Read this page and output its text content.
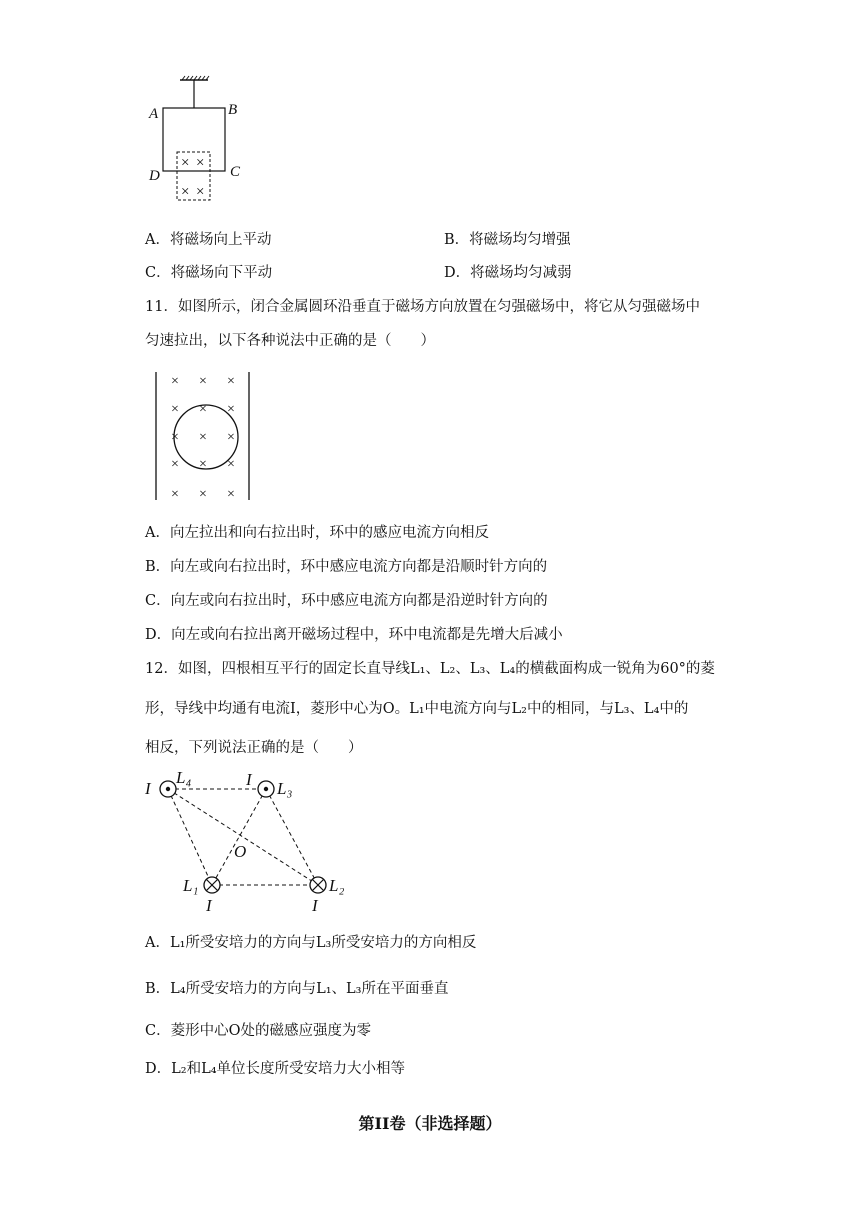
× ×
× ×
A	B
C
D
A．将磁场向上平动	B．将磁场均匀增强
C．将磁场向下平动	D．将磁场均匀减弱
11．如图所示，闭合金属圆环沿垂直于磁场方向放置在匀强磁场中，将它从匀强磁场中
匀速拉出，以下各种说法中正确的是（　　）
× × ×
× × ×
× × ×
× × ×
× × ×
A．向左拉出和向右拉出时，环中的感应电流方向相反
B．向左或向右拉出时，环中感应电流方向都是沿顺时针方向的
C．向左或向右拉出时，环中感应电流方向都是沿逆时针方向的
D．向左或向右拉出离开磁场过程中，环中电流都是先增大后减小
12．如图，四根相互平行的固定长直导线L₁、L₂、L₃、L₄的横截面构成一锐角为60°的菱
形，导线中均通有电流I，菱形中心为O。L₁中电流方向与L₂中的相同，与L₃、L₄中的
相反，下列说法正确的是（　　）
I
L₄	I L₃
O
L₁
I
L₂
I
A．L₁所受安培力的方向与L₃所受安培力的方向相反
B．L₄所受安培力的方向与L₁、L₃所在平面垂直
C．菱形中心O处的磁感应强度为零
D．L₂和L₄单位长度所受安培力大小相等
第II卷（非选择题）
